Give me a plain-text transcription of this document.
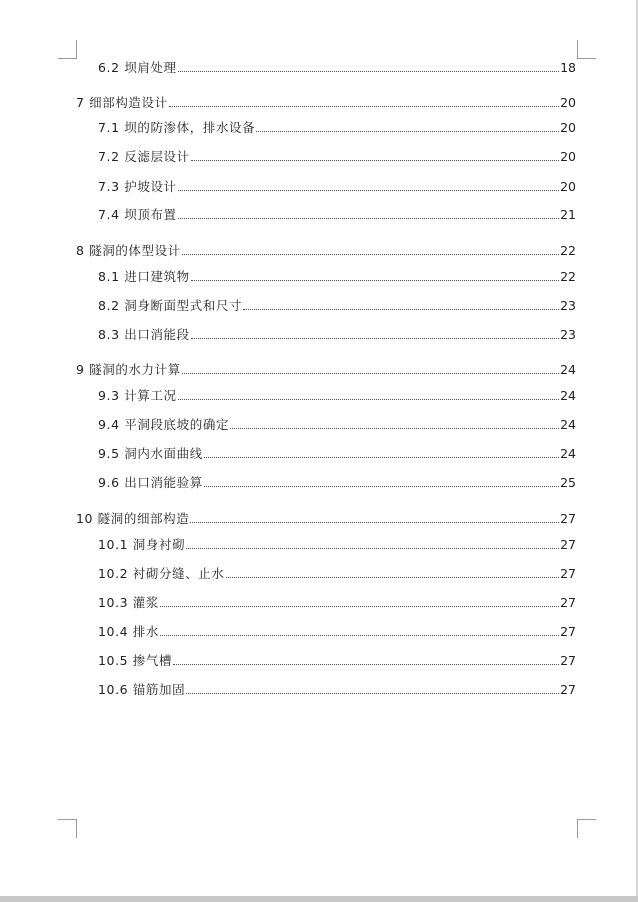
6.2 坝肩处理	18
7 细部构造设计	20
7.1 坝的防渗体，排水设备	20
7.2 反滤层设计	20
7.3 护坡设计	20
7.4 坝顶布置	21
8 隧洞的体型设计	22
8.1 进口建筑物	22
8.2 洞身断面型式和尺寸	23
8.3 出口消能段	23
9 隧洞的水力计算	24
9.3 计算工况	24
9.4 平洞段底坡的确定	24
9.5 洞内水面曲线	24
9.6 出口消能验算	25
10 隧洞的细部构造	27
10.1 洞身衬砌	27
10.2 衬砌分缝、止水	27
10.3 灌浆	27
10.4 排水	27
10.5 掺气槽	27
10.6 锚筋加固	27
